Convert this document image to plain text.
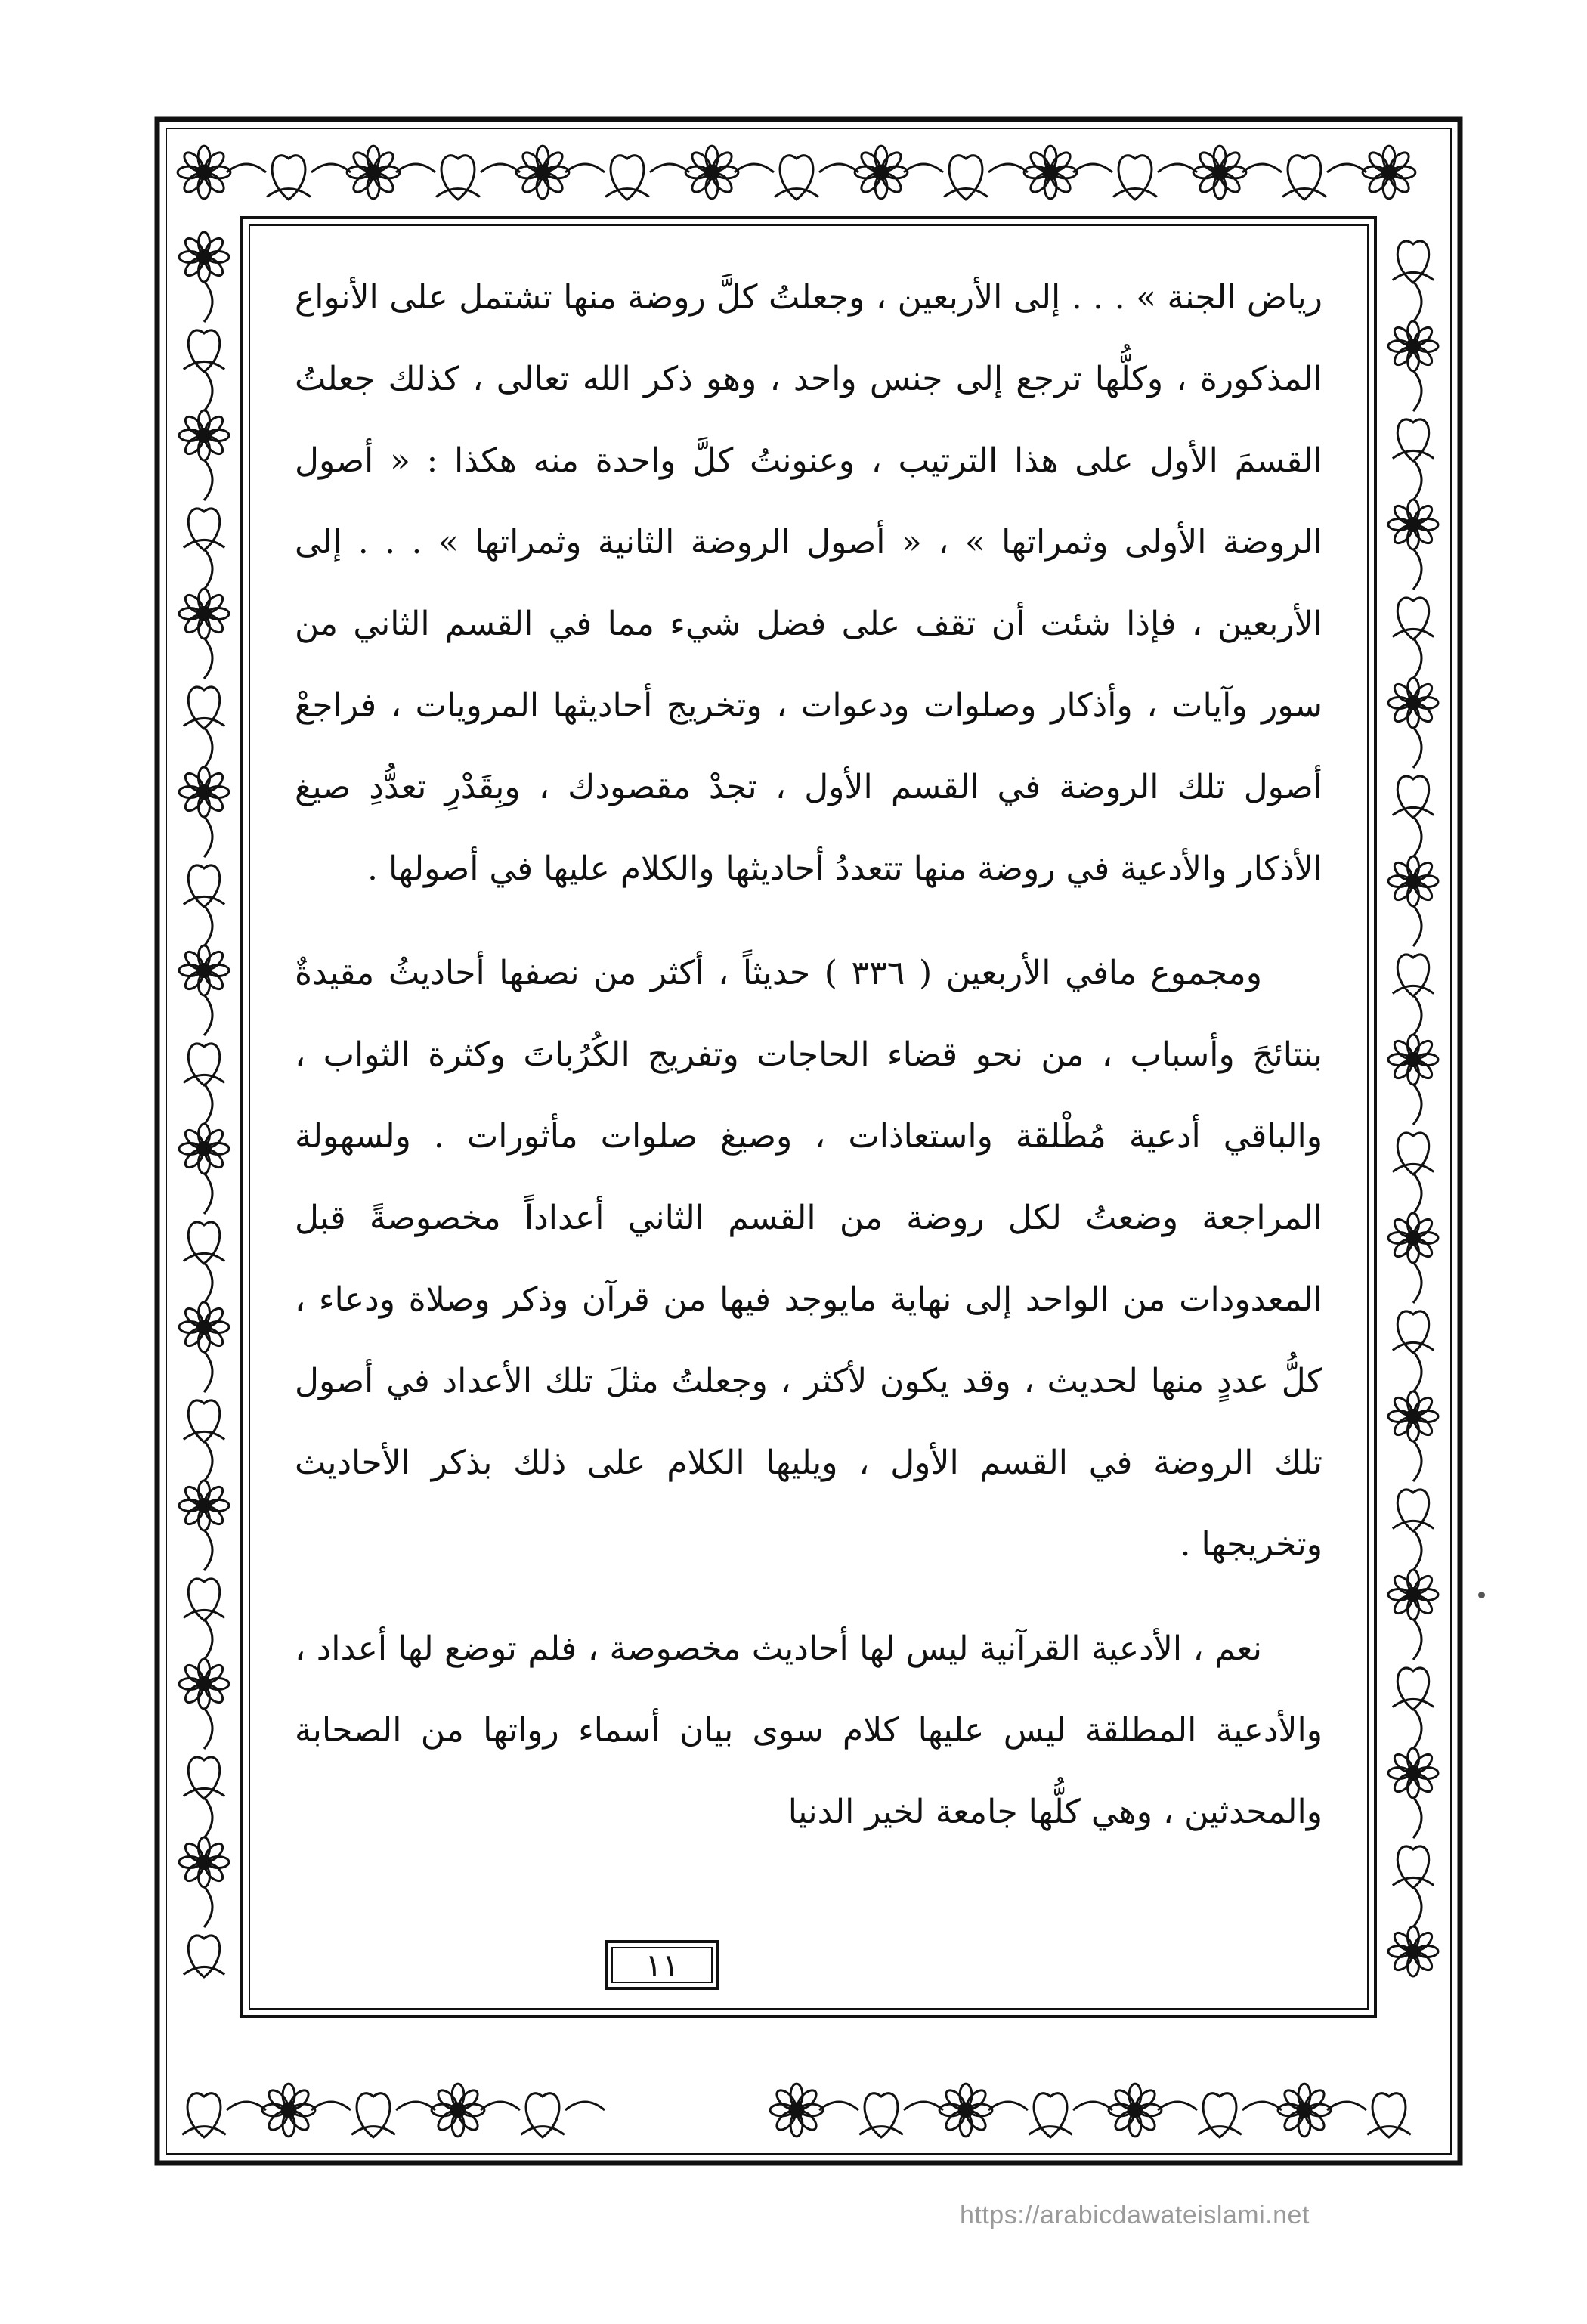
رياض الجنة » . . . إلى الأربعين ، وجعلتُ كلَّ روضة منها تشتمل على الأنواع المذكورة ، وكلُّها ترجع إلى جنس واحد ، وهو ذكر الله تعالى ، كذلك جعلتُ القسمَ الأول على هذا الترتيب ، وعنونتُ كلَّ واحدة منه هكذا : « أصول الروضة الأولى وثمراتها » ، « أصول الروضة الثانية وثمراتها » . . . إلى الأربعين ، فإذا شئت أن تقف على فضل شيء مما في القسم الثاني من سور وآيات ، وأذكار وصلوات ودعوات ، وتخريج أحاديثها المرويات ، فراجعْ أصول تلك الروضة في القسم الأول ، تجدْ مقصودك ، وبِقَدْرِ تعدُّدِ صيغ الأذكار والأدعية في روضة منها تتعددُ أحاديثها والكلام عليها في أصولها .

ومجموع مافي الأربعين ( ٣٣٦ ) حديثاً ، أكثر من نصفها أحاديثُ مقيدةٌ بنتائجَ وأسباب ، من نحو قضاء الحاجات وتفريج الكُرُباتَ وكثرة الثواب ، والباقي أدعية مُطْلقة واستعاذات ، وصيغ صلوات مأثورات . ولسهولة المراجعة وضعتُ لكل روضة من القسم الثاني أعداداً مخصوصةً قبل المعدودات من الواحد إلى نهاية مايوجد فيها من قرآن وذكر وصلاة ودعاء ، كلُّ عددٍ منها لحديث ، وقد يكون لأكثر ، وجعلتُ مثلَ تلك الأعداد في أصول تلك الروضة في القسم الأول ، ويليها الكلام على ذلك بذكر الأحاديث وتخريجها .

نعم ، الأدعية القرآنية ليس لها أحاديث مخصوصة ، فلم توضع لها أعداد ، والأدعية المطلقة ليس عليها كلام سوى بيان أسماء رواتها من الصحابة والمحدثين ، وهي كلُّها جامعة لخير الدنيا

١١
https://arabicdawateislami.net
